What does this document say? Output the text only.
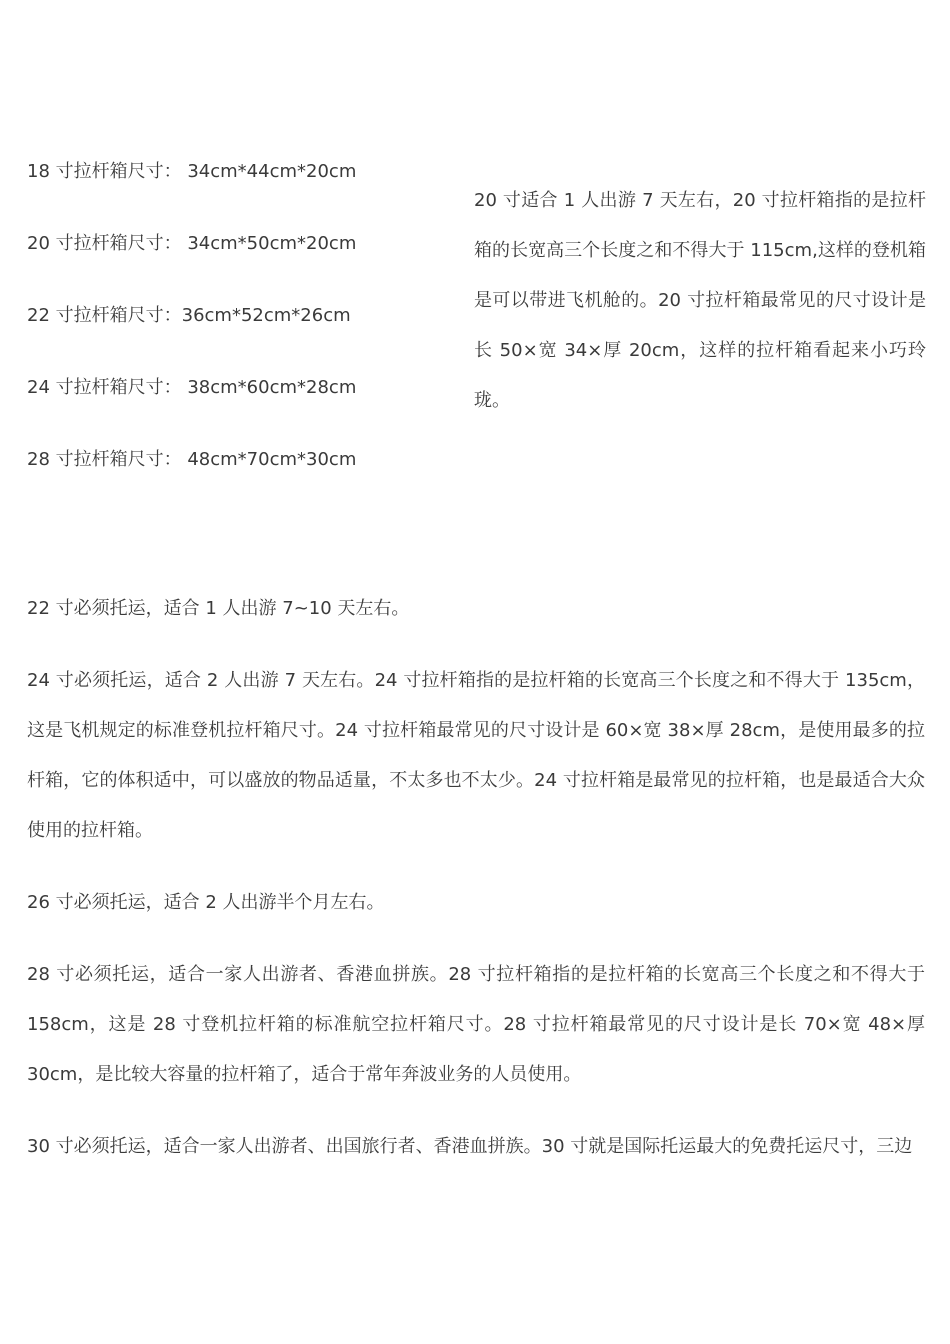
18 寸拉杆箱尺寸： 34cm*44cm*20cm
20 寸拉杆箱尺寸： 34cm*50cm*20cm
22 寸拉杆箱尺寸：36cm*52cm*26cm
24 寸拉杆箱尺寸： 38cm*60cm*28cm
28 寸拉杆箱尺寸： 48cm*70cm*30cm

20 寸适合 1 人出游 7 天左右，20 寸拉杆箱指的是拉杆箱的长宽高三个长度之和不得大于 115cm,这样的登机箱是可以带进飞机舱的。20 寸拉杆箱最常见的尺寸设计是长 50×宽 34×厚 20cm，这样的拉杆箱看起来小巧玲珑。

22 寸必须托运，适合 1 人出游 7~10 天左右。

24 寸必须托运，适合 2 人出游 7 天左右。24 寸拉杆箱指的是拉杆箱的长宽高三个长度之和不得大于 135cm，这是飞机规定的标准登机拉杆箱尺寸。24 寸拉杆箱最常见的尺寸设计是 60×宽 38×厚 28cm，是使用最多的拉杆箱，它的体积适中，可以盛放的物品适量，不太多也不太少。24 寸拉杆箱是最常见的拉杆箱，也是最适合大众使用的拉杆箱。

26 寸必须托运，适合 2 人出游半个月左右。

28 寸必须托运，适合一家人出游者、香港血拼族。28 寸拉杆箱指的是拉杆箱的长宽高三个长度之和不得大于 158cm，这是 28 寸登机拉杆箱的标准航空拉杆箱尺寸。28 寸拉杆箱最常见的尺寸设计是长 70×宽 48×厚 30cm，是比较大容量的拉杆箱了，适合于常年奔波业务的人员使用。

30 寸必须托运，适合一家人出游者、出国旅行者、香港血拼族。30 寸就是国际托运最大的免费托运尺寸，三边
